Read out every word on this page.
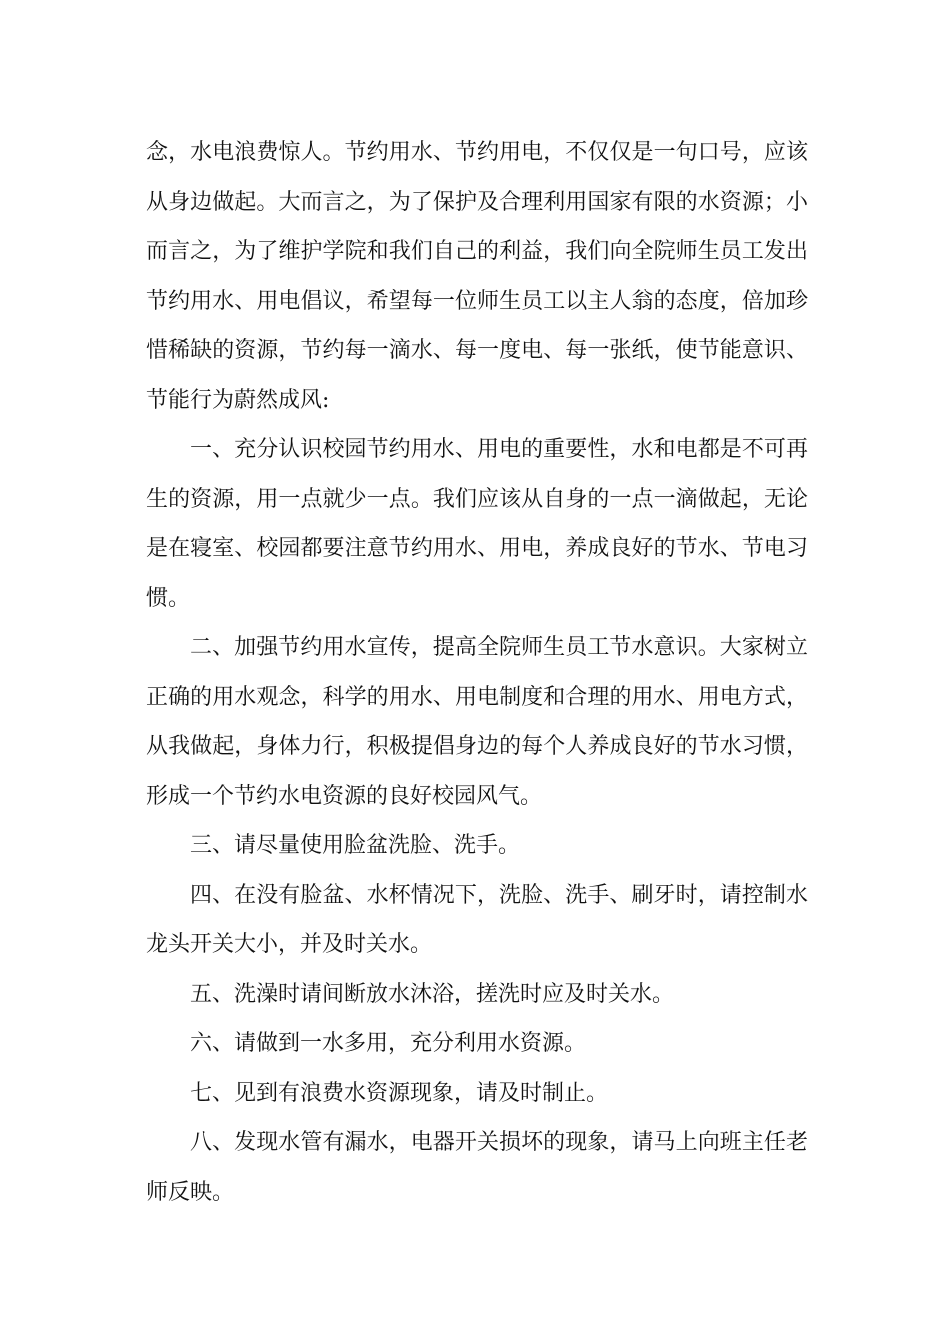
念，水电浪费惊人。节约用水、节约用电，不仅仅是一句口号，应该从身边做起。大而言之，为了保护及合理利用国家有限的水资源；小而言之，为了维护学院和我们自己的利益，我们向全院师生员工发出节约用水、用电倡议，希望每一位师生员工以主人翁的态度，倍加珍惜稀缺的资源，节约每一滴水、每一度电、每一张纸，使节能意识、节能行为蔚然成风:

一、充分认识校园节约用水、用电的重要性，水和电都是不可再生的资源，用一点就少一点。我们应该从自身的一点一滴做起，无论是在寝室、校园都要注意节约用水、用电，养成良好的节水、节电习惯。

二、加强节约用水宣传，提高全院师生员工节水意识。大家树立正确的用水观念，科学的用水、用电制度和合理的用水、用电方式，从我做起，身体力行，积极提倡身边的每个人养成良好的节水习惯，形成一个节约水电资源的良好校园风气。

三、请尽量使用脸盆洗脸、洗手。

四、在没有脸盆、水杯情况下，洗脸、洗手、刷牙时，请控制水龙头开关大小，并及时关水。

五、洗澡时请间断放水沐浴，搓洗时应及时关水。

六、请做到一水多用，充分利用水资源。

七、见到有浪费水资源现象，请及时制止。

八、发现水管有漏水，电器开关损坏的现象，请马上向班主任老师反映。
